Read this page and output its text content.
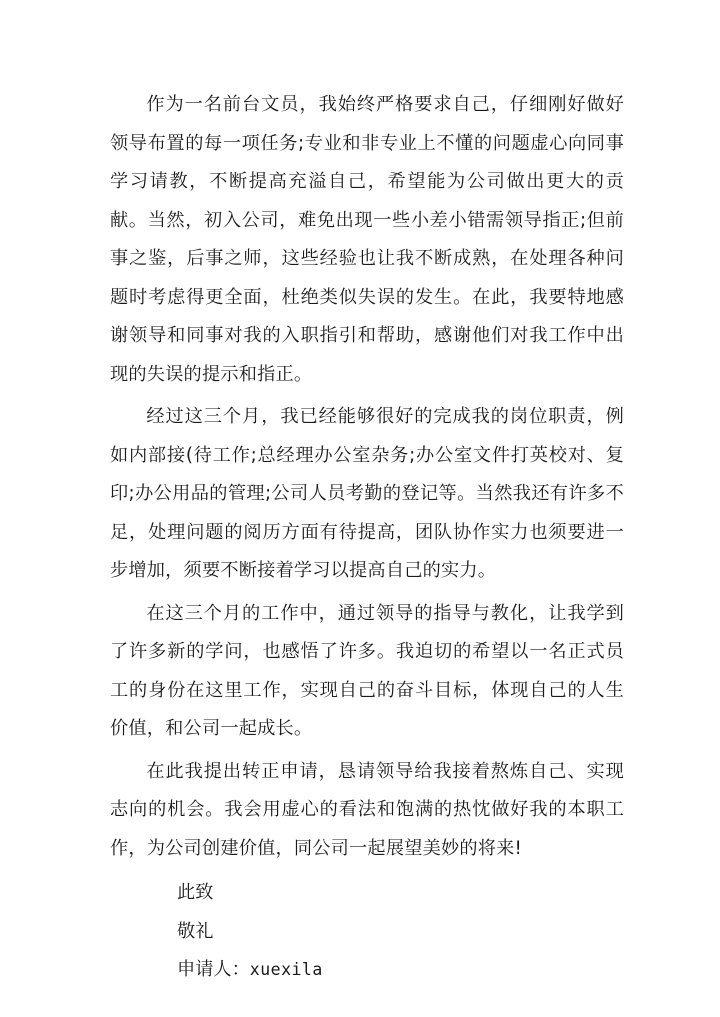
作为一名前台文员，我始终严格要求自己，仔细刚好做好领导布置的每一项任务;专业和非专业上不懂的问题虚心向同事学习请教，不断提高充溢自己，希望能为公司做出更大的贡献。当然，初入公司，难免出现一些小差小错需领导指正;但前事之鉴，后事之师，这些经验也让我不断成熟，在处理各种问题时考虑得更全面，杜绝类似失误的发生。在此，我要特地感谢领导和同事对我的入职指引和帮助，感谢他们对我工作中出现的失误的提示和指正。

经过这三个月，我已经能够很好的完成我的岗位职责，例如内部接(待工作;总经理办公室杂务;办公室文件打英校对、复印;办公用品的管理;公司人员考勤的登记等。当然我还有许多不足，处理问题的阅历方面有待提高，团队协作实力也须要进一步增加，须要不断接着学习以提高自己的实力。

在这三个月的工作中，通过领导的指导与教化，让我学到了许多新的学问，也感悟了许多。我迫切的希望以一名正式员工的身份在这里工作，实现自己的奋斗目标，体现自己的人生价值，和公司一起成长。

在此我提出转正申请，恳请领导给我接着熬炼自己、实现志向的机会。我会用虚心的看法和饱满的热忱做好我的本职工作，为公司创建价值，同公司一起展望美妙的将来!

此致

敬礼

申请人：xuexila
